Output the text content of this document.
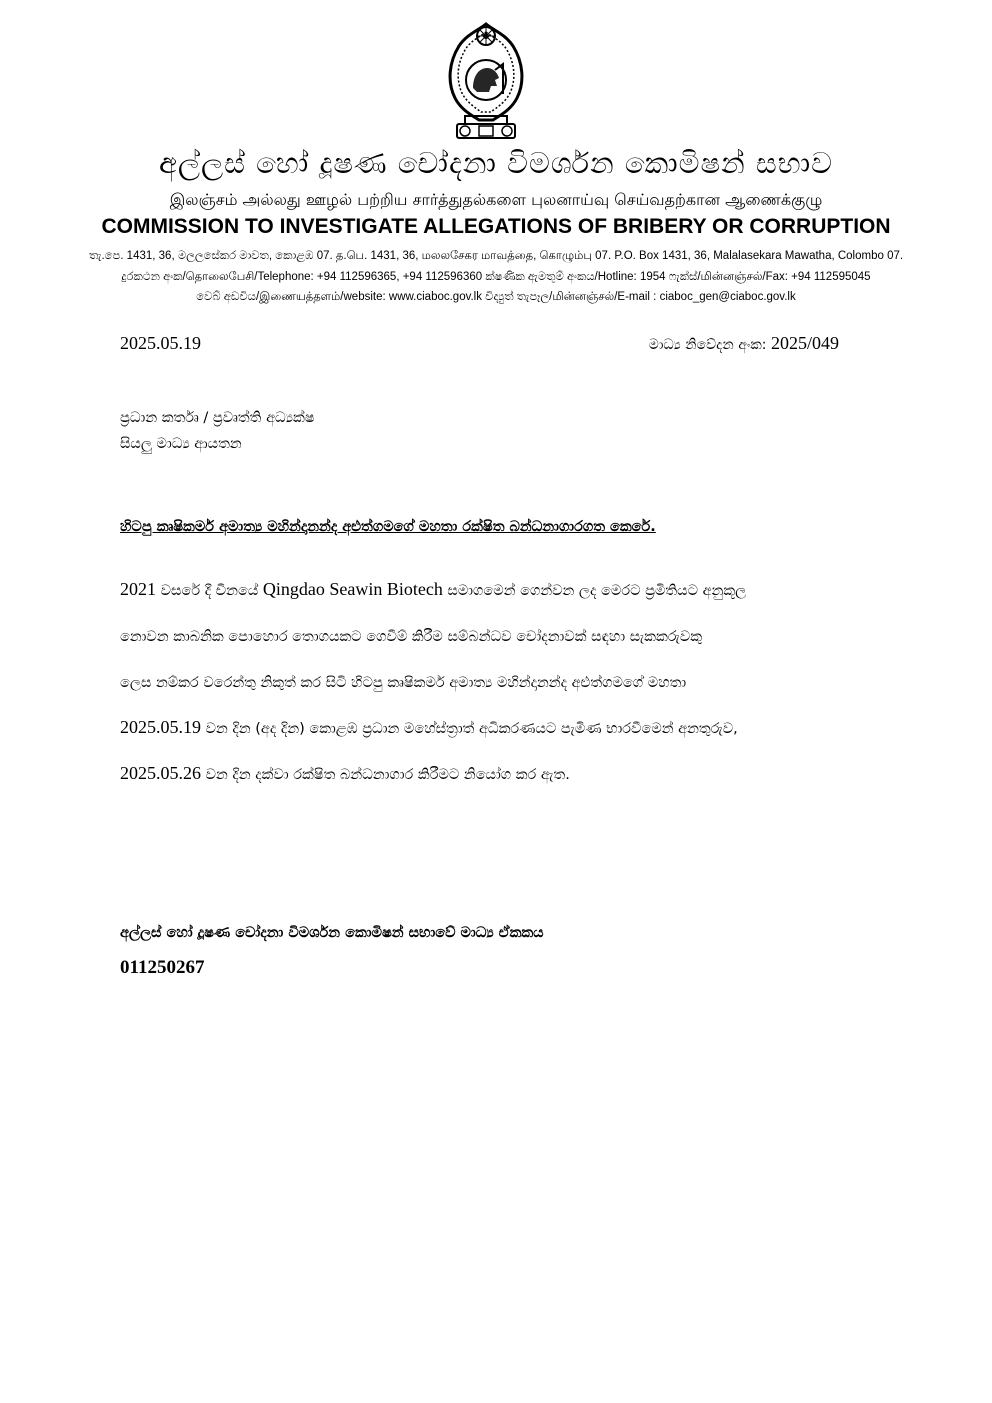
අල්ලස් හෝ දූෂණ චෝදනා විමර්ශන කොමිෂන් සභාව
இலஞ்சம் அல்லது ஊழல் பற்றிய சார்த்துதல்களை புலனாய்வு செய்வதற்கான ஆணைக்குழு
COMMISSION TO INVESTIGATE ALLEGATIONS OF BRIBERY OR CORRUPTION
තැ.පෙ. 1431, 36, මලලසේකර මාවත, කොළඹ 07. த.பெ. 1431, 36, மலலசேகர மாவத்தை, கொழும்பு 07. P.O. Box 1431, 36, Malalasekara Mawatha, Colombo 07.
දුරකථන අංක/தொலைபேசி/Telephone: +94 112596365, +94 112596360 ක්ෂණික ඇමතුම් අංකය/Hotline: 1954 ෆැක්ස්/மின்னஞ்சல்/Fax: +94 112595045
වෙබ් අඩවිය/இணையத்தளம்/website: www.ciaboc.gov.lk විද්‍යුත් තැපෑල/மின்னஞ்சல்/E-mail : ciaboc_gen@ciaboc.gov.lk
2025.05.19	මාධ්‍ය නිවේදන අංක: 2025/049
ප්‍රධාන කර්තෘ / ප්‍රවෘත්ති අධ්‍යක්ෂ
සියලු මාධ්‍ය ආයතන
හිටපු කෘෂිකර්ම අමාත්‍ය මහින්දානන්ද අළුත්ගමගේ මහතා රක්ෂිත බන්ධනාගාරගත කෙරේ.
2021 වසරේ දී චීනයේ Qingdao Seawin Biotech සමාගමෙන් ගෙන්වන ලද මෙරට ප්‍රමිතියට අනුකූල
නොවන කාබනික පොහොර තොගයකට ගෙවීම් කිරීම සම්බන්ධව චෝදනාවක් සඳහා සැකකරුවකු
ලෙස නම්කර වරෙන්තු නිකුත් කර සිටි හිටපු කෘෂිකර්ම අමාත්‍ය මහින්දානන්ද අළුත්ගමගේ මහතා
2025.05.19 වන දින (අද දින) කොළඹ ප්‍රධාන මහේස්ත්‍රාත් අධිකරණයට පැමිණ භාරවීමෙන් අනතුරුව,
2025.05.26 වන දින දක්වා රක්ෂිත බන්ධනාගාර කිරීමට නියෝග කර ඇත.
අල්ලස් හෝ දූෂණ චෝදනා විමර්ශන කොමිෂන් සභාවේ මාධ්‍ය ඒකකය
011250267
